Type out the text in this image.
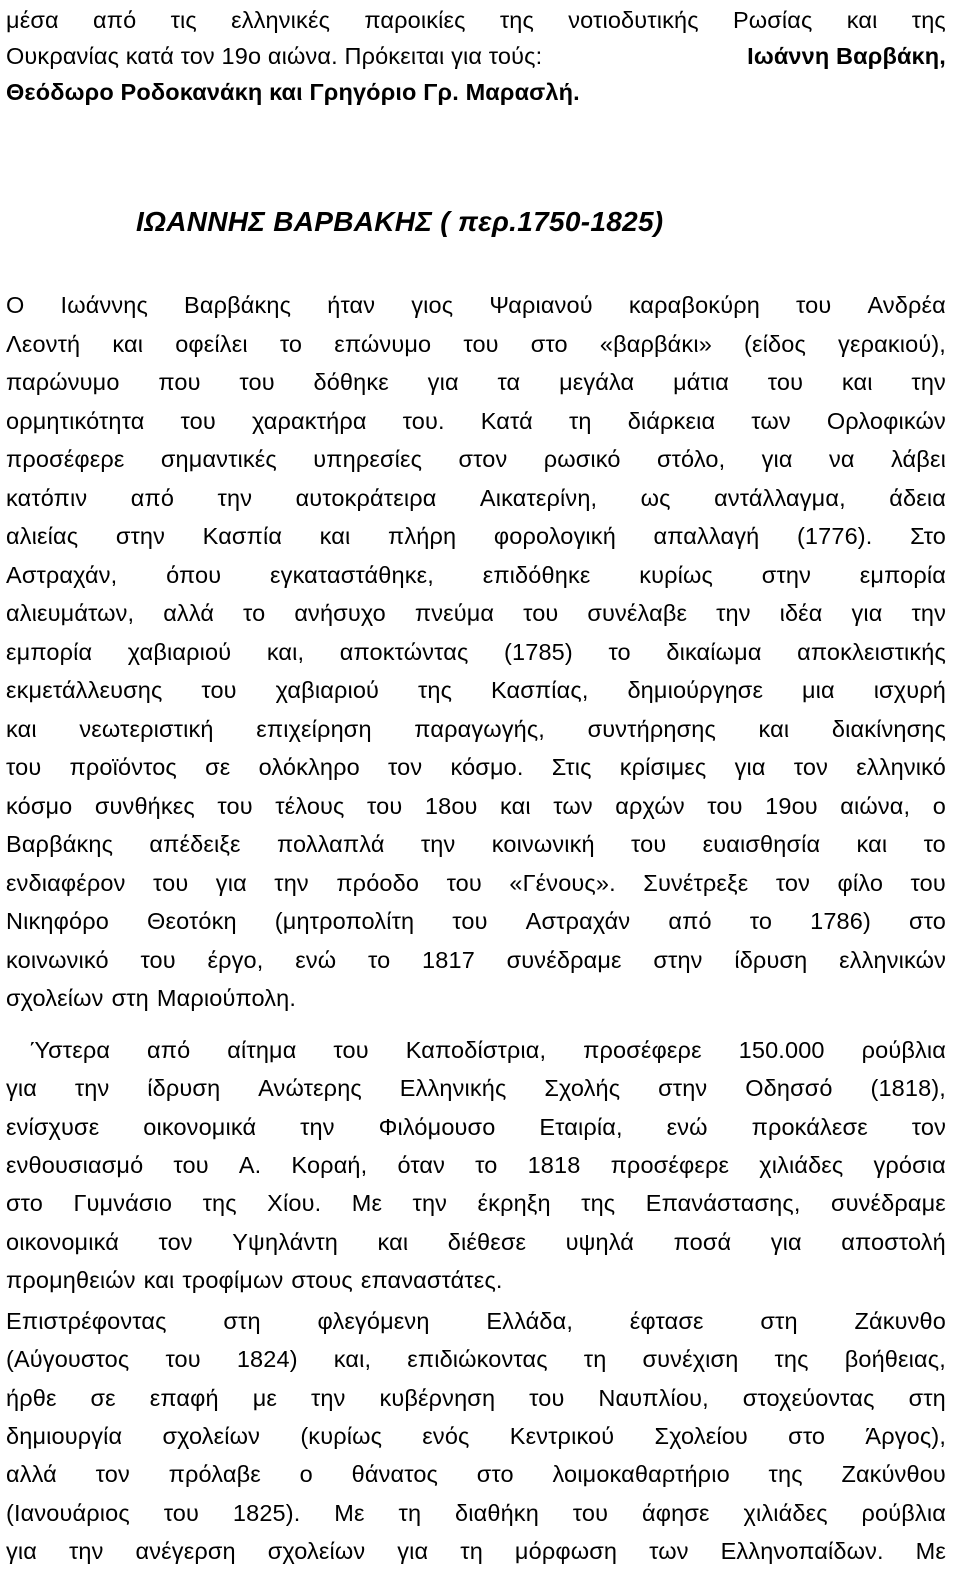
μέσα από τις ελληνικές παροικίες της νοτιοδυτικής Ρωσίας και της
Ουκρανίας κατά τον 19ο αιώνα. Πρόκειται για τούς:	Ιωάννη Βαρβάκη,
Θεόδωρο Ροδοκανάκη και Γρηγόριο Γρ. Μαρασλή.
ΙΩΑΝΝΗΣ ΒΑΡΒΑΚΗΣ ( περ.1750-1825)
Ο Ιωάννης Βαρβάκης ήταν γιος Ψαριανού καραβοκύρη του Ανδρέα
Λεοντή και οφείλει το επώνυμο του στο «βαρβάκι» (είδος γερακιού),
παρώνυμο που του δόθηκε για τα μεγάλα μάτια του και την
ορμητικότητα του χαρακτήρα του. Κατά τη διάρκεια των Ορλοφικών
προσέφερε σημαντικές υπηρεσίες στον ρωσικό στόλο, για να λάβει
κατόπιν από την αυτοκράτειρα Αικατερίνη, ως αντάλλαγμα, άδεια
αλιείας στην Κασπία και πλήρη φορολογική απαλλαγή (1776). Στο
Αστραχάν, όπου εγκαταστάθηκε, επιδόθηκε κυρίως στην εμπορία
αλιευμάτων, αλλά το ανήσυχο πνεύμα του συνέλαβε την ιδέα για την
εμπορία χαβιαριού και, αποκτώντας (1785) το δικαίωμα αποκλειστικής
εκμετάλλευσης του χαβιαριού της Κασπίας, δημιούργησε μια ισχυρή
και νεωτεριστική επιχείρηση παραγωγής, συντήρησης και διακίνησης
του προϊόντος σε ολόκληρο τον κόσμο. Στις κρίσιμες για τον ελληνικό
κόσμο συνθήκες του τέλους του 18ου και των αρχών του 19ου αιώνα, ο
Βαρβάκης απέδειξε πολλαπλά την κοινωνική του ευαισθησία και το
ενδιαφέρον του για την πρόοδο του «Γένους». Συνέτρεξε τον φίλο του
Νικηφόρο Θεοτόκη (μητροπολίτη του Αστραχάν από το 1786) στο
κοινωνικό του έργο, ενώ το 1817 συνέδραμε στην ίδρυση ελληνικών
σχολείων στη Μαριούπολη.
Ύστερα από αίτημα του Καποδίστρια, προσέφερε 150.000 ρούβλια
για την ίδρυση Ανώτερης Ελληνικής Σχολής στην Οδησσό (1818),
ενίσχυσε οικονομικά την Φιλόμουσο Εταιρία, ενώ προκάλεσε τον
ενθουσιασμό του Α. Κοραή, όταν το 1818 προσέφερε χιλιάδες γρόσια
στο Γυμνάσιο της Χίου. Με την έκρηξη της Επανάστασης, συνέδραμε
οικονομικά τον Υψηλάντη και διέθεσε υψηλά ποσά για αποστολή
προμηθειών και τροφίμων στους επαναστάτες.
Επιστρέφοντας στη φλεγόμενη Ελλάδα, έφτασε στη Ζάκυνθο
(Αύγουστος του 1824) και, επιδιώκοντας τη συνέχιση της βοήθειας,
ήρθε σε επαφή με την κυβέρνηση του Ναυπλίου, στοχεύοντας στη
δημιουργία σχολείων (κυρίως ενός Κεντρικού Σχολείου στο Άργος),
αλλά τον πρόλαβε ο θάνατος στο λοιμοκαθαρτήριο της Ζακύνθου
(Ιανουάριος του 1825). Με τη διαθήκη του άφησε χιλιάδες ρούβλια
για την ανέγερση σχολείων για τη μόρφωση των Ελληνοπαίδων. Με
